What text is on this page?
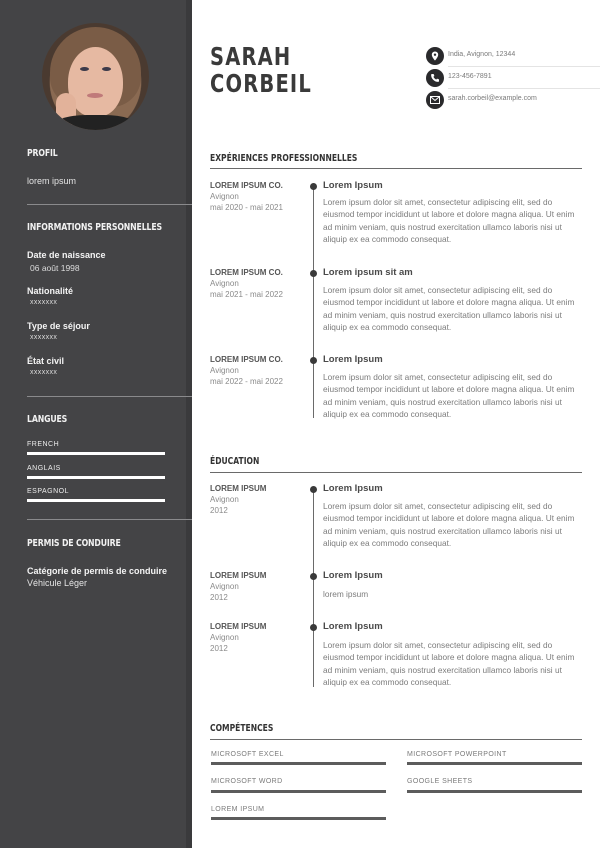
PROFIL
lorem ipsum
INFORMATIONS PERSONNELLES
Date de naissance
06 août 1998
Nationalité
xxxxxxx
Type de séjour
xxxxxxx
État civil
xxxxxxx
LANGUES
FRENCH
ANGLAIS
ESPAGNOL
PERMIS DE CONDUIRE
Catégorie de permis de conduire
Véhicule Léger
SARAH
CORBEIL
India, Avignon, 12344
123-456-7891
sarah.corbeil@example.com
EXPÉRIENCES PROFESSIONNELLES
LOREM IPSUM CO.
Avignon
mai 2020 - mai 2021
Lorem Ipsum
Lorem ipsum dolor sit amet, consectetur adipiscing elit, sed do eiusmod tempor incididunt ut labore et dolore magna aliqua. Ut enim ad minim veniam, quis nostrud exercitation ullamco laboris nisi ut aliquip ex ea commodo consequat.
LOREM IPSUM CO.
Avignon
mai 2021 - mai 2022
Lorem ipsum sit am
Lorem ipsum dolor sit amet, consectetur adipiscing elit, sed do eiusmod tempor incididunt ut labore et dolore magna aliqua. Ut enim ad minim veniam, quis nostrud exercitation ullamco laboris nisi ut aliquip ex ea commodo consequat.
LOREM IPSUM CO.
Avignon
mai 2022 - mai 2022
Lorem Ipsum
Lorem ipsum dolor sit amet, consectetur adipiscing elit, sed do eiusmod tempor incididunt ut labore et dolore magna aliqua. Ut enim ad minim veniam, quis nostrud exercitation ullamco laboris nisi ut aliquip ex ea commodo consequat.
ÉDUCATION
LOREM IPSUM
Avignon
2012
Lorem Ipsum
Lorem ipsum dolor sit amet, consectetur adipiscing elit, sed do eiusmod tempor incididunt ut labore et dolore magna aliqua. Ut enim ad minim veniam, quis nostrud exercitation ullamco laboris nisi ut aliquip ex ea commodo consequat.
LOREM IPSUM
Avignon
2012
Lorem Ipsum
lorem ipsum
LOREM IPSUM
Avignon
2012
Lorem Ipsum
Lorem ipsum dolor sit amet, consectetur adipiscing elit, sed do eiusmod tempor incididunt ut labore et dolore magna aliqua. Ut enim ad minim veniam, quis nostrud exercitation ullamco laboris nisi ut aliquip ex ea commodo consequat.
COMPÉTENCES
MICROSOFT EXCEL	MICROSOFT POWERPOINT
MICROSOFT WORD	GOOGLE SHEETS
LOREM IPSUM
